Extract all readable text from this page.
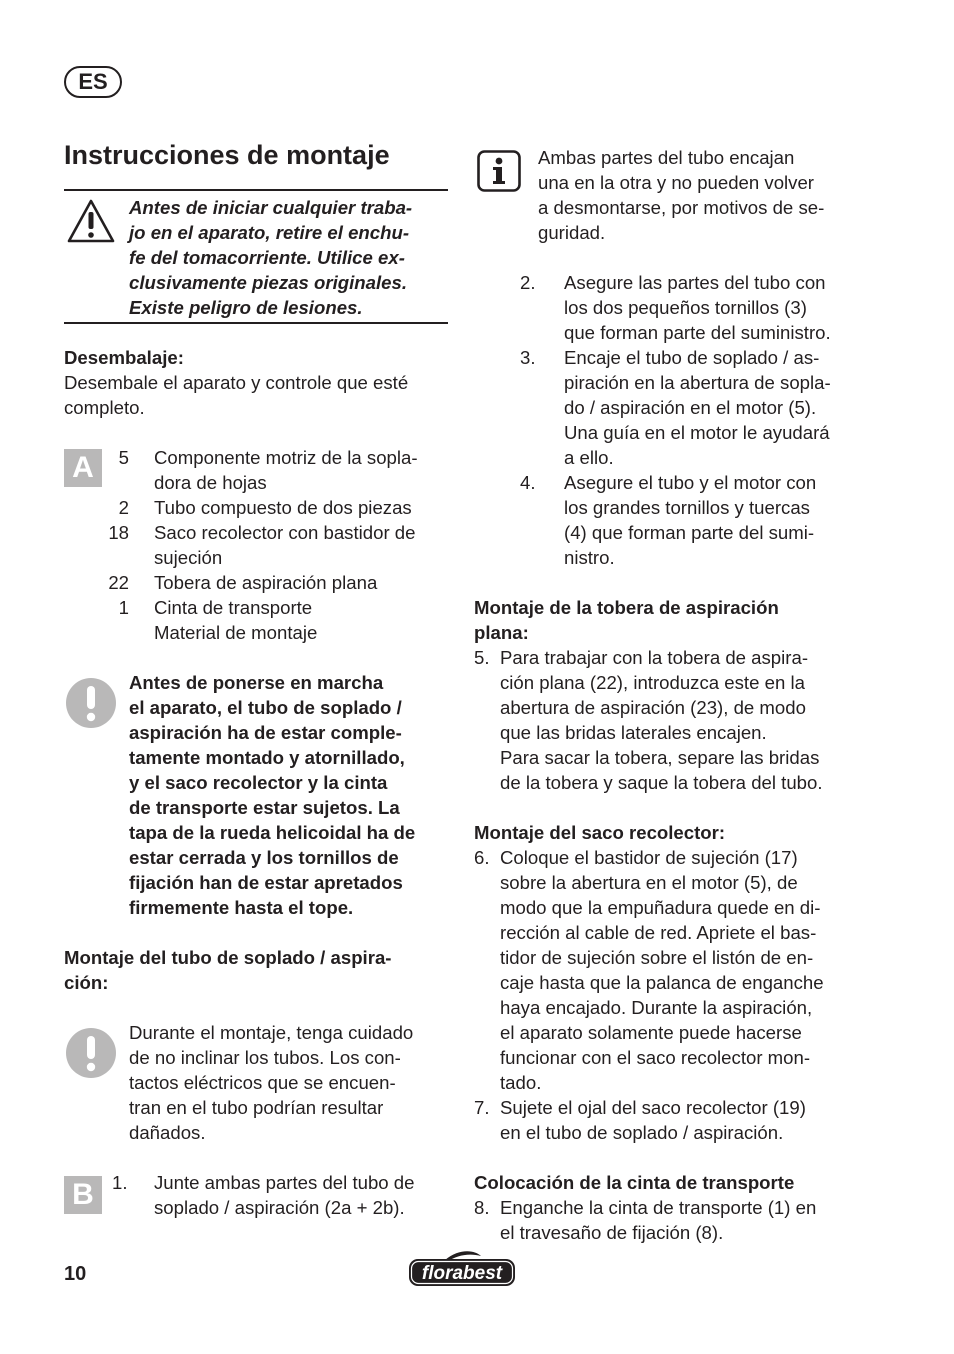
ES
Instrucciones de montaje
Antes de iniciar cualquier traba-
jo en el aparato, retire el enchu-
fe del tomacorriente. Utilice ex-
clusivamente piezas originales.
Existe peligro de lesiones.
Desembalaje:
Desembale el aparato y controle que esté
completo.
A	5 Componente motriz de la sopla-
dora de hojas
2 Tubo compuesto de dos piezas
18 Saco recolector con bastidor de
sujeción
22 Tobera de aspiración plana
1 Cinta de transporte
Material de montaje
Antes de ponerse en marcha
el aparato, el tubo de soplado /
aspiración ha de estar comple-
tamente montado y atornillado,
y el saco recolector y la cinta
de transporte estar sujetos. La
tapa de la rueda helicoidal ha de
estar cerrada y los tornillos de
fijación han de estar apretados
firmemente hasta el tope.
Montaje del tubo de soplado / aspira-
ción:
Durante el montaje, tenga cuidado
de no inclinar los tubos. Los con-
tactos eléctricos que se encuen-
tran en el tubo podrían resultar
dañados.
B 1. Junte ambas partes del tubo de
soplado / aspiración (2a + 2b).
Ambas partes del tubo encajan
una en la otra y no pueden volver
a desmontarse, por motivos de se-
guridad.
2. Asegure las partes del tubo con
los dos pequeños tornillos (3)
que forman parte del suministro.
3. Encaje el tubo de soplado / as-
piración en la abertura de sopla-
do / aspiración en el motor (5).
Una guía en el motor le ayudará
a ello.
4. Asegure el tubo y el motor con
los grandes tornillos y tuercas
(4) que forman parte del sumi-
nistro.
Montaje de la tobera de aspiración
plana:
5. Para trabajar con la tobera de aspira-
ción plana (22), introduzca este en la
abertura de aspiración (23), de modo
que las bridas laterales encajen.
Para sacar la tobera, separe las bridas
de la tobera y saque la tobera del tubo.
Montaje del saco recolector:
6. Coloque el bastidor de sujeción (17)
sobre la abertura en el motor (5), de
modo que la empuñadura quede en di-
rección al cable de red. Apriete el bas-
tidor de sujeción sobre el listón de en-
caje hasta que la palanca de enganche
haya encajado. Durante la aspiración,
el aparato solamente puede hacerse
funcionar con el saco recolector mon-
tado.
7. Sujete el ojal del saco recolector (19)
en el tubo de soplado / aspiración.
Colocación de la cinta de transporte
8. Enganche la cinta de transporte (1) en
el travesaño de fijación (8).
10	florabest
